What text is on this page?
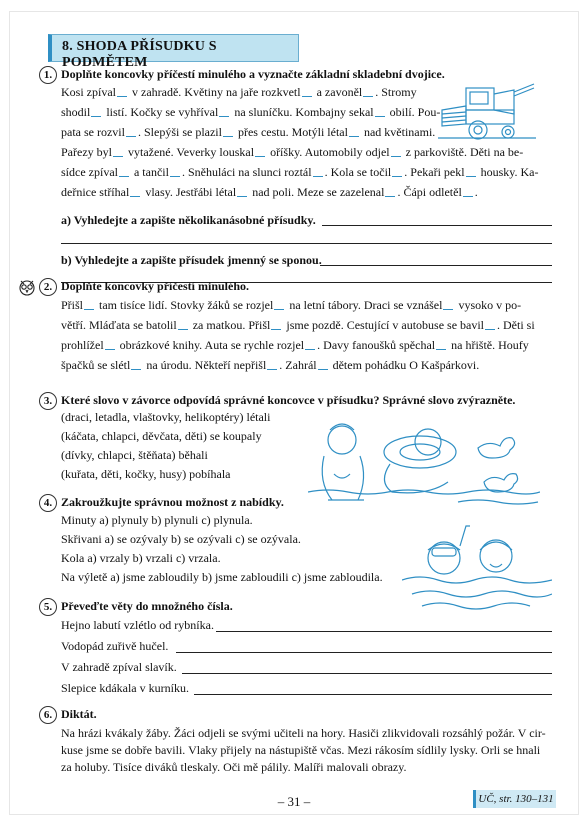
8. SHODA PŘÍSUDKU S PODMĚTEM
1. Doplňte koncovky příčestí minulého a vyznačte základní skladební dvojice.
Kosi zpíval v zahradě. Květiny na jaře rozkvetl a zavoněl . Stromy
shodil listí. Kočky se vyhříval na sluníčku. Kombajny sekal obilí. Pou-
pata se rozvil . Slepýši se plazil přes cestu. Motýli létal nad květinami.
Pařezy byl vytažené. Veverky louskal oříšky. Automobily odjel z parkoviště. Děti na be-
sídce zpíval a tančil . Sněhuláci na slunci roztál . Kola se točil . Pekaři pekl housky. Ka-
deřnice stříhal vlasy. Jestřábi létal nad poli. Meze se zazelenal . Čápi odletěl .
a) Vyhledejte a zapište několikanásobné přísudky.
b) Vyhledejte a zapište přísudek jmenný se sponou.
2. Doplňte koncovky příčestí minulého.
Přišl tam tisíce lidí. Stovky žáků se rozjel na letní tábory. Draci se vznášel vysoko v po-
větří. Mláďata se batolil za matkou. Přišl jsme pozdě. Cestující v autobuse se bavil . Děti si
prohlížel obrázkové knihy. Auta se rychle rozjel . Davy fanoušků spěchal na hřiště. Houfy
špačků se slétl na úrodu. Někteří nepřišl . Zahrál dětem pohádku O Kašpárkovi.
3. Které slovo v závorce odpovídá správné koncovce v přísudku? Správné slovo zvýrazněte.
(draci, letadla, vlaštovky, helikoptéry) létali
(káčata, chlapci, děvčata, děti) se koupaly
(dívky, chlapci, štěňata) běhali
(kuřata, děti, kočky, husy) pobíhala
4. Zakroužkujte správnou možnost z nabídky.
Minuty a) plynuly b) plynuli c) plynula.
Skřivani a) se ozývaly b) se ozývali c) se ozývala.
Kola a) vrzaly b) vrzali c) vrzala.
Na výletě a) jsme zabloudily b) jsme zabloudili c) jsme zabloudila.
5. Převeďte věty do množného čísla.
Hejno labutí vzlétlo od rybníka.
Vodopád zuřivě hučel.
V zahradě zpíval slavík.
Slepice kdákala v kurníku.
6. Diktát.
Na hrázi kvákaly žáby. Žáci odjeli se svými učiteli na hory. Hasiči zlikvidovali rozsáhlý požár. V cir-
kuse jsme se dobře bavili. Vlaky přijely na nástupiště včas. Mezi rákosím sídlily lysky. Orli se hnali
za holuby. Tisíce diváků tleskaly. Oči mě pálily. Malíři malovali obrazy.
UČ, str. 130–131
– 31 –
